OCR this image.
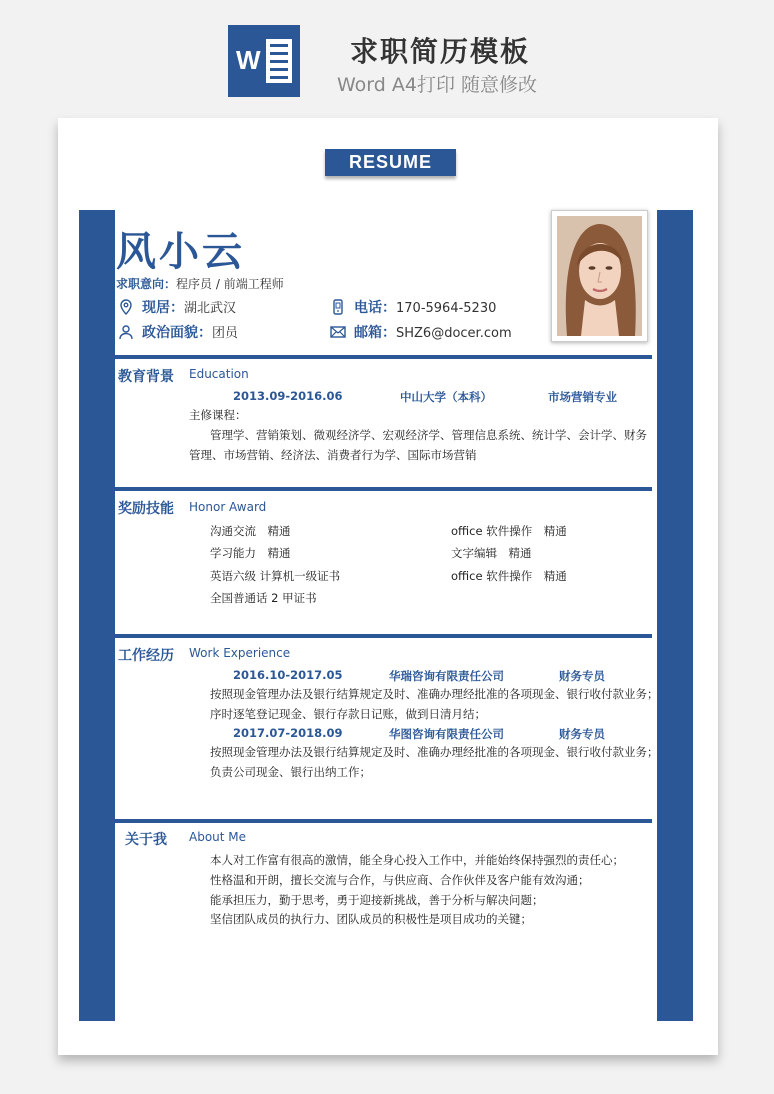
W	求职简历模板
Word A4打印 随意修改
RESUME
风小云
求职意向：程序员 / 前端工程师
现居：湖北武汉
政治面貌：团员
电话：170-5964-5230
邮箱：SHZ6@docer.com
教育背景 Education
2013.09-2016.06	中山大学（本科）	市场营销专业
主修课程：
管理学、营销策划、微观经济学、宏观经济学、管理信息系统、统计学、会计学、财务
管理、市场营销、经济法、消费者行为学、国际市场营销
奖励技能 Honor Award
沟通交流　精通	office 软件操作　精通
学习能力　精通	文字编辑　精通
英语六级 计算机一级证书	office 软件操作　精通
全国普通话 2 甲证书
工作经历 Work Experience
2016.10-2017.05	华瑞咨询有限责任公司	财务专员
按照现金管理办法及银行结算规定及时、准确办理经批准的各项现金、银行收付款业务；
序时逐笔登记现金、银行存款日记账，做到日清月结；
2017.07-2018.09	华图咨询有限责任公司	财务专员
按照现金管理办法及银行结算规定及时、准确办理经批准的各项现金、银行收付款业务；
负责公司现金、银行出纳工作；
关于我 About Me
本人对工作富有很高的激情，能全身心投入工作中，并能始终保持强烈的责任心；
性格温和开朗，擅长交流与合作，与供应商、合作伙伴及客户能有效沟通；
能承担压力，勤于思考，勇于迎接新挑战，善于分析与解决问题；
坚信团队成员的执行力、团队成员的积极性是项目成功的关键；
